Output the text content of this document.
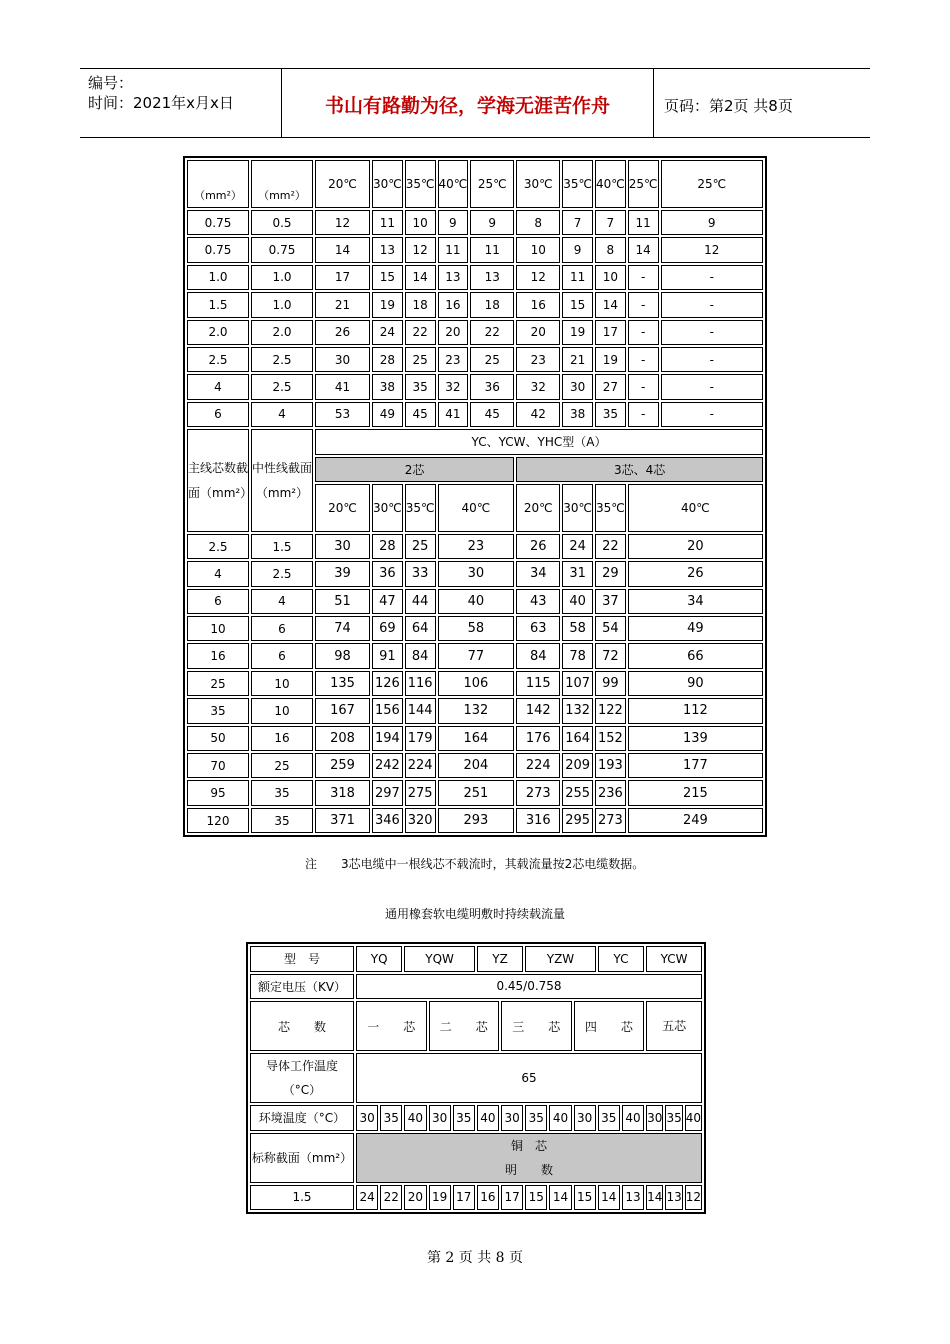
编号：
时间：2021年x月x日	书山有路勤为径，学海无涯苦作舟	页码：第2页 共8页
（mm²）	（mm²）	20℃	30℃	35℃	40℃	25℃	30℃	35℃	40℃	25℃	25℃
0.75	0.5	12	11	10	9	9	8	7	7	11	9
0.75	0.75	14	13	12	11	11	10	9	8	14	12
1.0	1.0	17	15	14	13	13	12	11	10	-	-
1.5	1.0	21	19	18	16	18	16	15	14	-	-
2.0	2.0	26	24	22	20	22	20	19	17	-	-
2.5	2.5	30	28	25	23	25	23	21	19	-	-
4	2.5	41	38	35	32	36	32	30	27	-	-
6	4	53	49	45	41	45	42	38	35	-	-
主线芯数截面（mm²）	中性线截面（mm²）	YC、YCW、YHC型（A）									
		2芯					3芯、4芯				
		20℃	30℃	35℃	40℃		20℃	30℃	35℃	40℃	
2.5	1.5	30	28	25	23		26	24	22	20	
4	2.5	39	36	33	30		34	31	29	26	
6	4	51	47	44	40		43	40	37	34	
10	6	74	69	64	58		63	58	54	49	
16	6	98	91	84	77		84	78	72	66	
25	10	135	126	116	106		115	107	99	90	
35	10	167	156	144	132		142	132	122	112	
50	16	208	194	179	164		176	164	152	139	
70	25	259	242	224	204		224	209	193	177	
95	35	318	297	275	251		273	255	236	215	
120	35	371	346	320	293		316	295	273	249	
注　　3芯电缆中一根线芯不载流时，其载流量按2芯电缆数据。
通用橡套软电缆明敷时持续载流量
型　号	YQ		YQW			YZ		YZW			YC		YCW		
额定电压（KV）	0.45/0.758														
芯　　数	一　　芯			二　　芯			三　　芯			四　　芯			五芯		
导体工作温度（°C）	65														
环境温度（°C）	30	35	40	30	35	40	30	35	40	30	35	40	30	35	40
标称截面（mm²）	铜　芯
明　　数														

1.5	24	22	20	19	17	16	17	15	14	15	14	13	14	13	12
第 2 页 共 8 页
